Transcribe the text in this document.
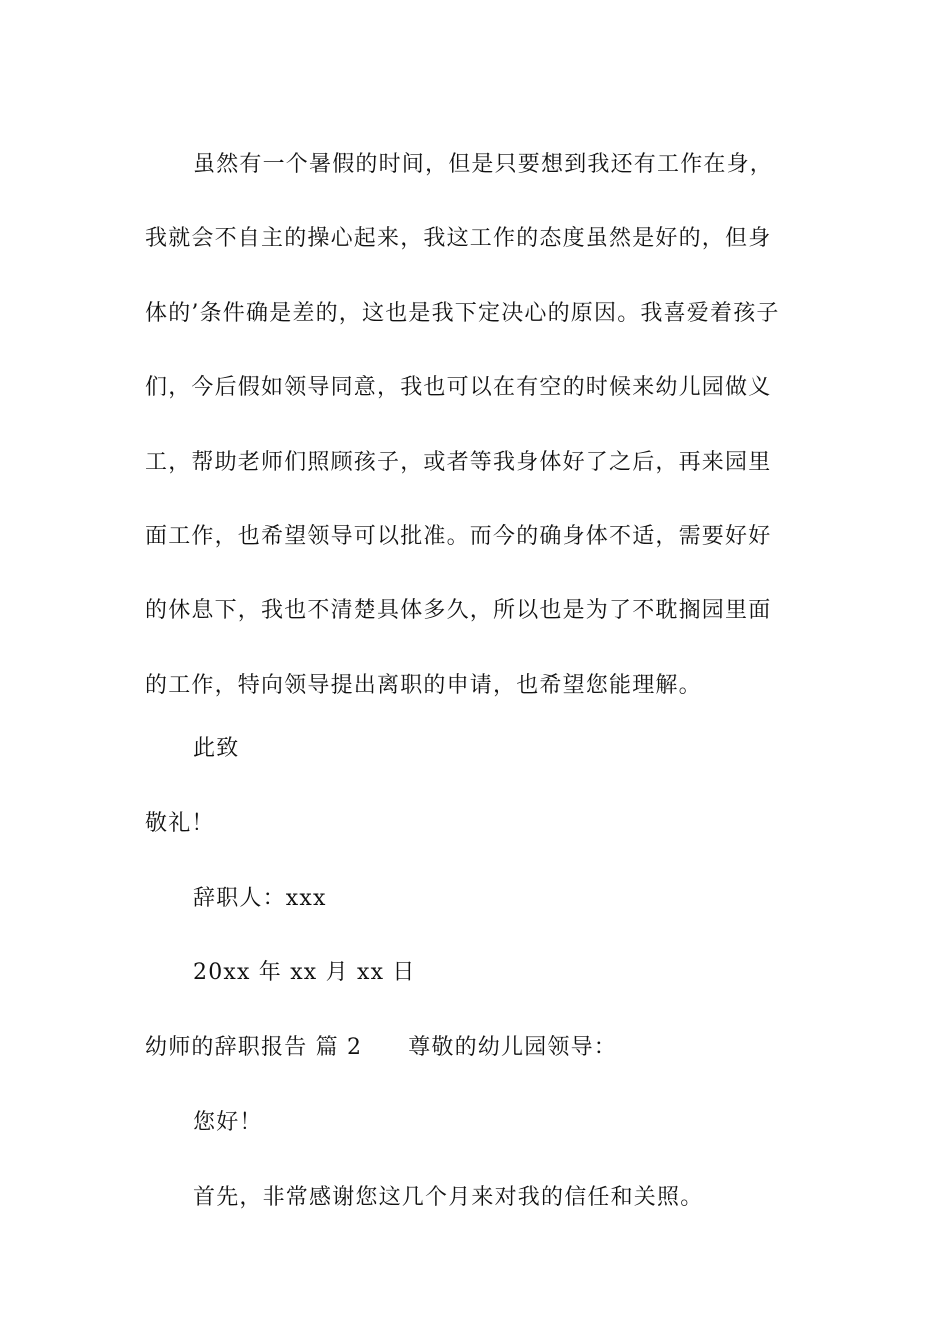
虽然有一个暑假的时间，但是只要想到我还有工作在身，
我就会不自主的操心起来，我这工作的态度虽然是好的，但身
体的’条件确是差的，这也是我下定决心的原因。我喜爱着孩子
们，今后假如领导同意，我也可以在有空的时候来幼儿园做义
工，帮助老师们照顾孩子，或者等我身体好了之后，再来园里
面工作，也希望领导可以批准。而今的确身体不适，需要好好
的休息下，我也不清楚具体多久，所以也是为了不耽搁园里面
的工作，特向领导提出离职的申请，也希望您能理解。
此致
敬礼！
辞职人：xxx
20xx 年 xx 月 xx 日
幼师的辞职报告 篇 2 尊敬的幼儿园领导：
您好！
首先，非常感谢您这几个月来对我的信任和关照。
